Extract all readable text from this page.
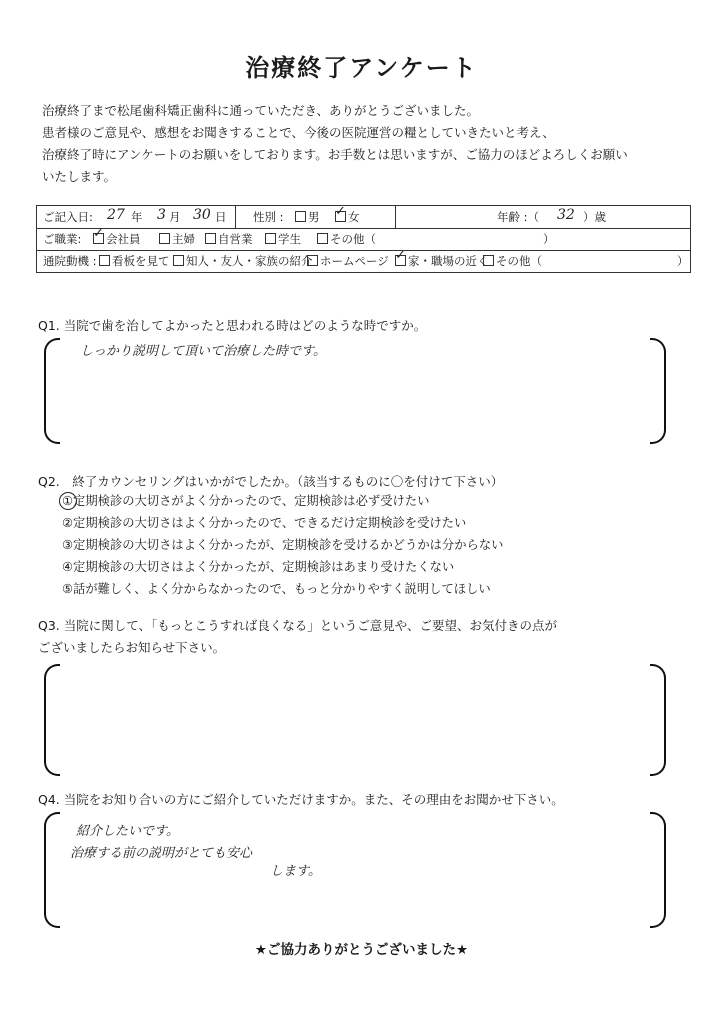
治療終了アンケート
治療終了まで松尾歯科矯正歯科に通っていただき、ありがとうございました。
患者様のご意見や、感想をお聞きすることで、今後の医院運営の糧としていきたいと考え、
治療終了時にアンケートのお願いをしております。お手数とは思いますが、ご協力のほどよろしくお願い
いたします。
ご記入日: 27 年 3 月 30 日 性別 :	男 ✓ 女	年齢 :（ 32 ）歳
ご職業: ✓ 会社員	主婦	自営業	学生	その他（	）
通院動機 :	看板を見て	知人・友人・家族の紹介 ホームページ ✓ 家・職場の近く その他（	）
Q1. 当院で歯を治してよかったと思われる時はどのような時ですか。
しっかり説明して頂いて治療した時です。
Q2.　終了カウンセリングはいかがでしたか。（該当するものに〇を付けて下さい）
①定期検診の大切さがよく分かったので、定期検診は必ず受けたい
②定期検診の大切さはよく分かったので、できるだけ定期検診を受けたい
③定期検診の大切さはよく分かったが、定期検診を受けるかどうかは分からない
④定期検診の大切さはよく分かったが、定期検診はあまり受けたくない
⑤話が難しく、よく分からなかったので、もっと分かりやすく説明してほしい
Q3. 当院に関して、「もっとこうすれば良くなる」というご意見や、ご要望、お気付きの点が
ございましたらお知らせ下さい。
Q4. 当院をお知り合いの方にご紹介していただけますか。また、その理由をお聞かせ下さい。
紹介したいです。
治療する前の説明がとても安心
します。
★ご協力ありがとうございました★
